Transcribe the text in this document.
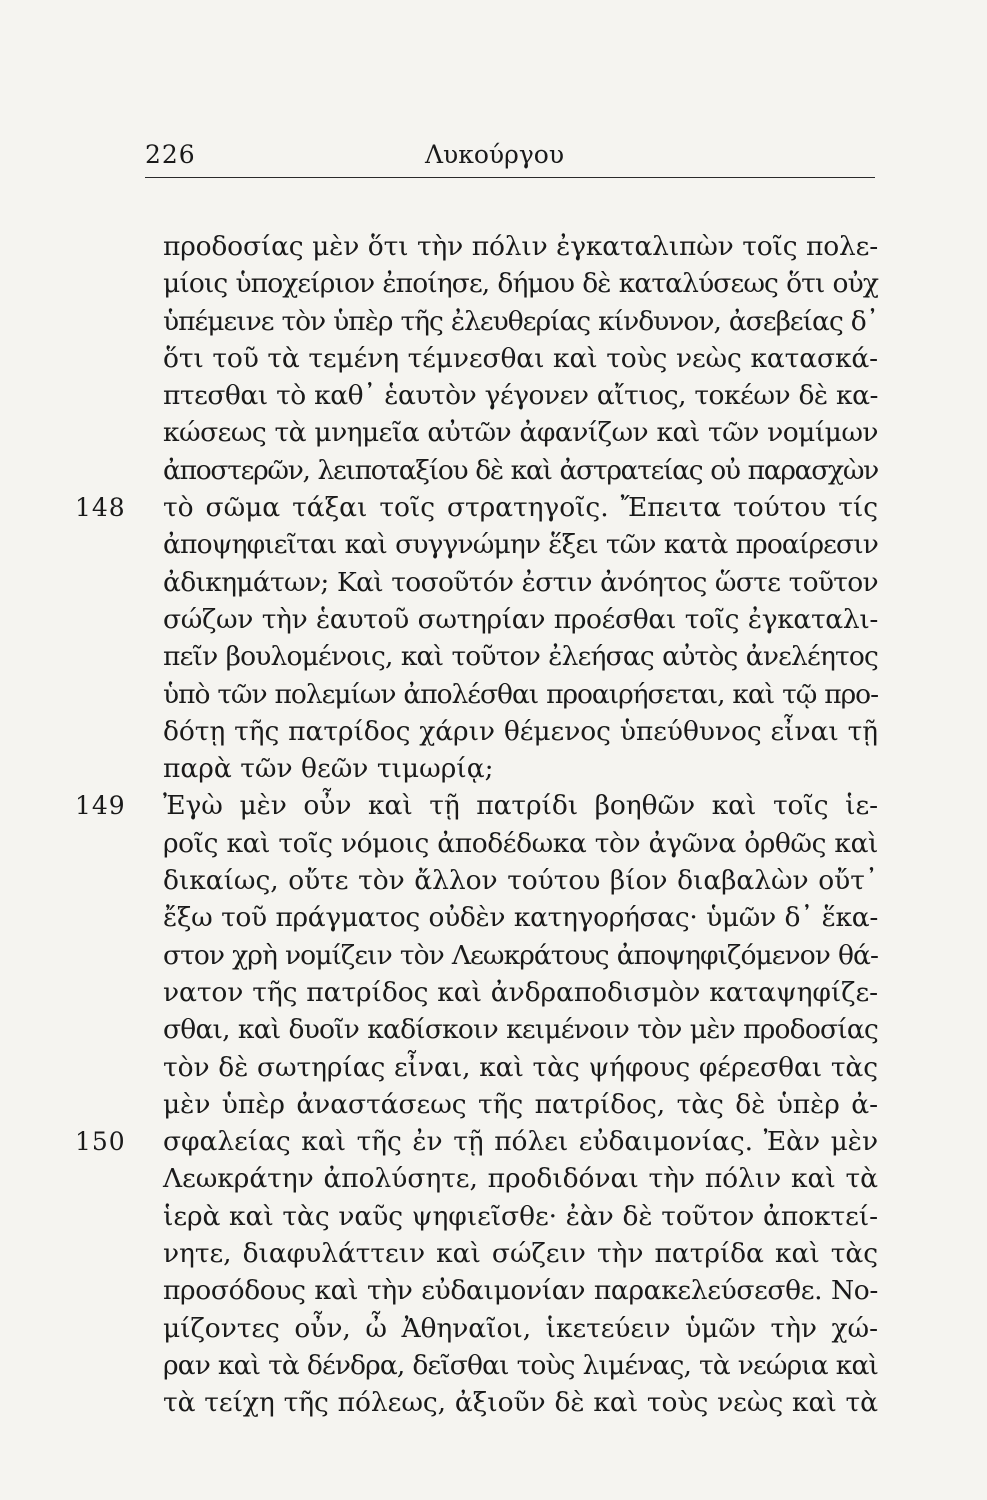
226	Λυκούργου
προδοσίας μὲν ὅτι τὴν πόλιν ἐγκαταλιπὼν τοῖς πολε-
μίοις ὑποχείριον ἐποίησε, δήμου δὲ καταλύσεως ὅτι οὐχ
ὑπέμεινε τὸν ὑπὲρ τῆς ἐλευθερίας κίνδυνον, ἀσεβείας δ᾽
ὅτι τοῦ τὰ τεμένη τέμνεσθαι καὶ τοὺς νεὼς κατασκά-
πτεσθαι τὸ καθ᾽ ἑαυτὸν γέγονεν αἴτιος, τοκέων δὲ κα-
κώσεως τὰ μνημεῖα αὐτῶν ἀφανίζων καὶ τῶν νομίμων
ἀποστερῶν, λειποταξίου δὲ καὶ ἀστρατείας οὐ παρασχὼν
148 τὸ σῶμα τάξαι τοῖς στρατηγοῖς. Ἔπειτα τούτου τίς
ἀποψηφιεῖται καὶ συγγνώμην ἕξει τῶν κατὰ προαίρεσιν
ἀδικημάτων; Καὶ τοσοῦτόν ἐστιν ἀνόητος ὥστε τοῦτον
σώζων τὴν ἑαυτοῦ σωτηρίαν προέσθαι τοῖς ἐγκαταλι-
πεῖν βουλομένοις, καὶ τοῦτον ἐλεήσας αὐτὸς ἀνελέητος
ὑπὸ τῶν πολεμίων ἀπολέσθαι προαιρήσεται, καὶ τῷ προ-
δότῃ τῆς πατρίδος χάριν θέμενος ὑπεύθυνος εἶναι τῇ
παρὰ τῶν θεῶν τιμωρίᾳ;
149 Ἐγὼ μὲν οὖν καὶ τῇ πατρίδι βοηθῶν καὶ τοῖς ἱε-
ροῖς καὶ τοῖς νόμοις ἀποδέδωκα τὸν ἀγῶνα ὀρθῶς καὶ
δικαίως, οὔτε τὸν ἄλλον τούτου βίον διαβαλὼν οὔτ᾽
ἔξω τοῦ πράγματος οὐδὲν κατηγορήσας· ὑμῶν δ᾽ ἕκα-
στον χρὴ νομίζειν τὸν Λεωκράτους ἀποψηφιζόμενον θά-
νατον τῆς πατρίδος καὶ ἀνδραποδισμὸν καταψηφίζε-
σθαι, καὶ δυοῖν καδίσκοιν κειμένοιν τὸν μὲν προδοσίας
τὸν δὲ σωτηρίας εἶναι, καὶ τὰς ψήφους φέρεσθαι τὰς
μὲν ὑπὲρ ἀναστάσεως τῆς πατρίδος, τὰς δὲ ὑπὲρ ἀ-
150 σφαλείας καὶ τῆς ἐν τῇ πόλει εὐδαιμονίας. Ἐὰν μὲν
Λεωκράτην ἀπολύσητε, προδιδόναι τὴν πόλιν καὶ τὰ
ἱερὰ καὶ τὰς ναῦς ψηφιεῖσθε· ἐὰν δὲ τοῦτον ἀποκτεί-
νητε, διαφυλάττειν καὶ σώζειν τὴν πατρίδα καὶ τὰς
προσόδους καὶ τὴν εὐδαιμονίαν παρακελεύσεσθε. Νο-
μίζοντες οὖν, ὦ Ἀθηναῖοι, ἱκετεύειν ὑμῶν τὴν χώ-
ραν καὶ τὰ δένδρα, δεῖσθαι τοὺς λιμένας, τὰ νεώρια καὶ
τὰ τείχη τῆς πόλεως, ἀξιοῦν δὲ καὶ τοὺς νεὼς καὶ τὰ
